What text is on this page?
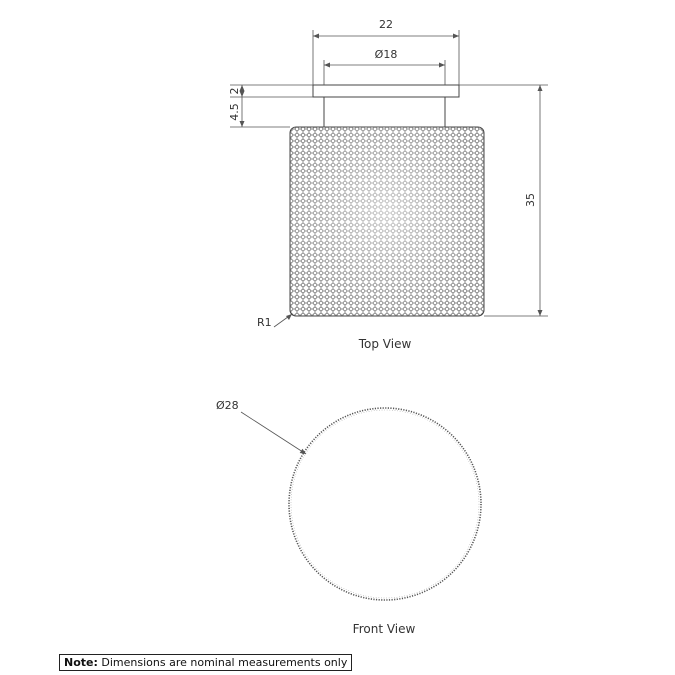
22
Ø18
2
4.5
35
R1
Top View
Ø28
Front View
Note: Dimensions are nominal measurements only
